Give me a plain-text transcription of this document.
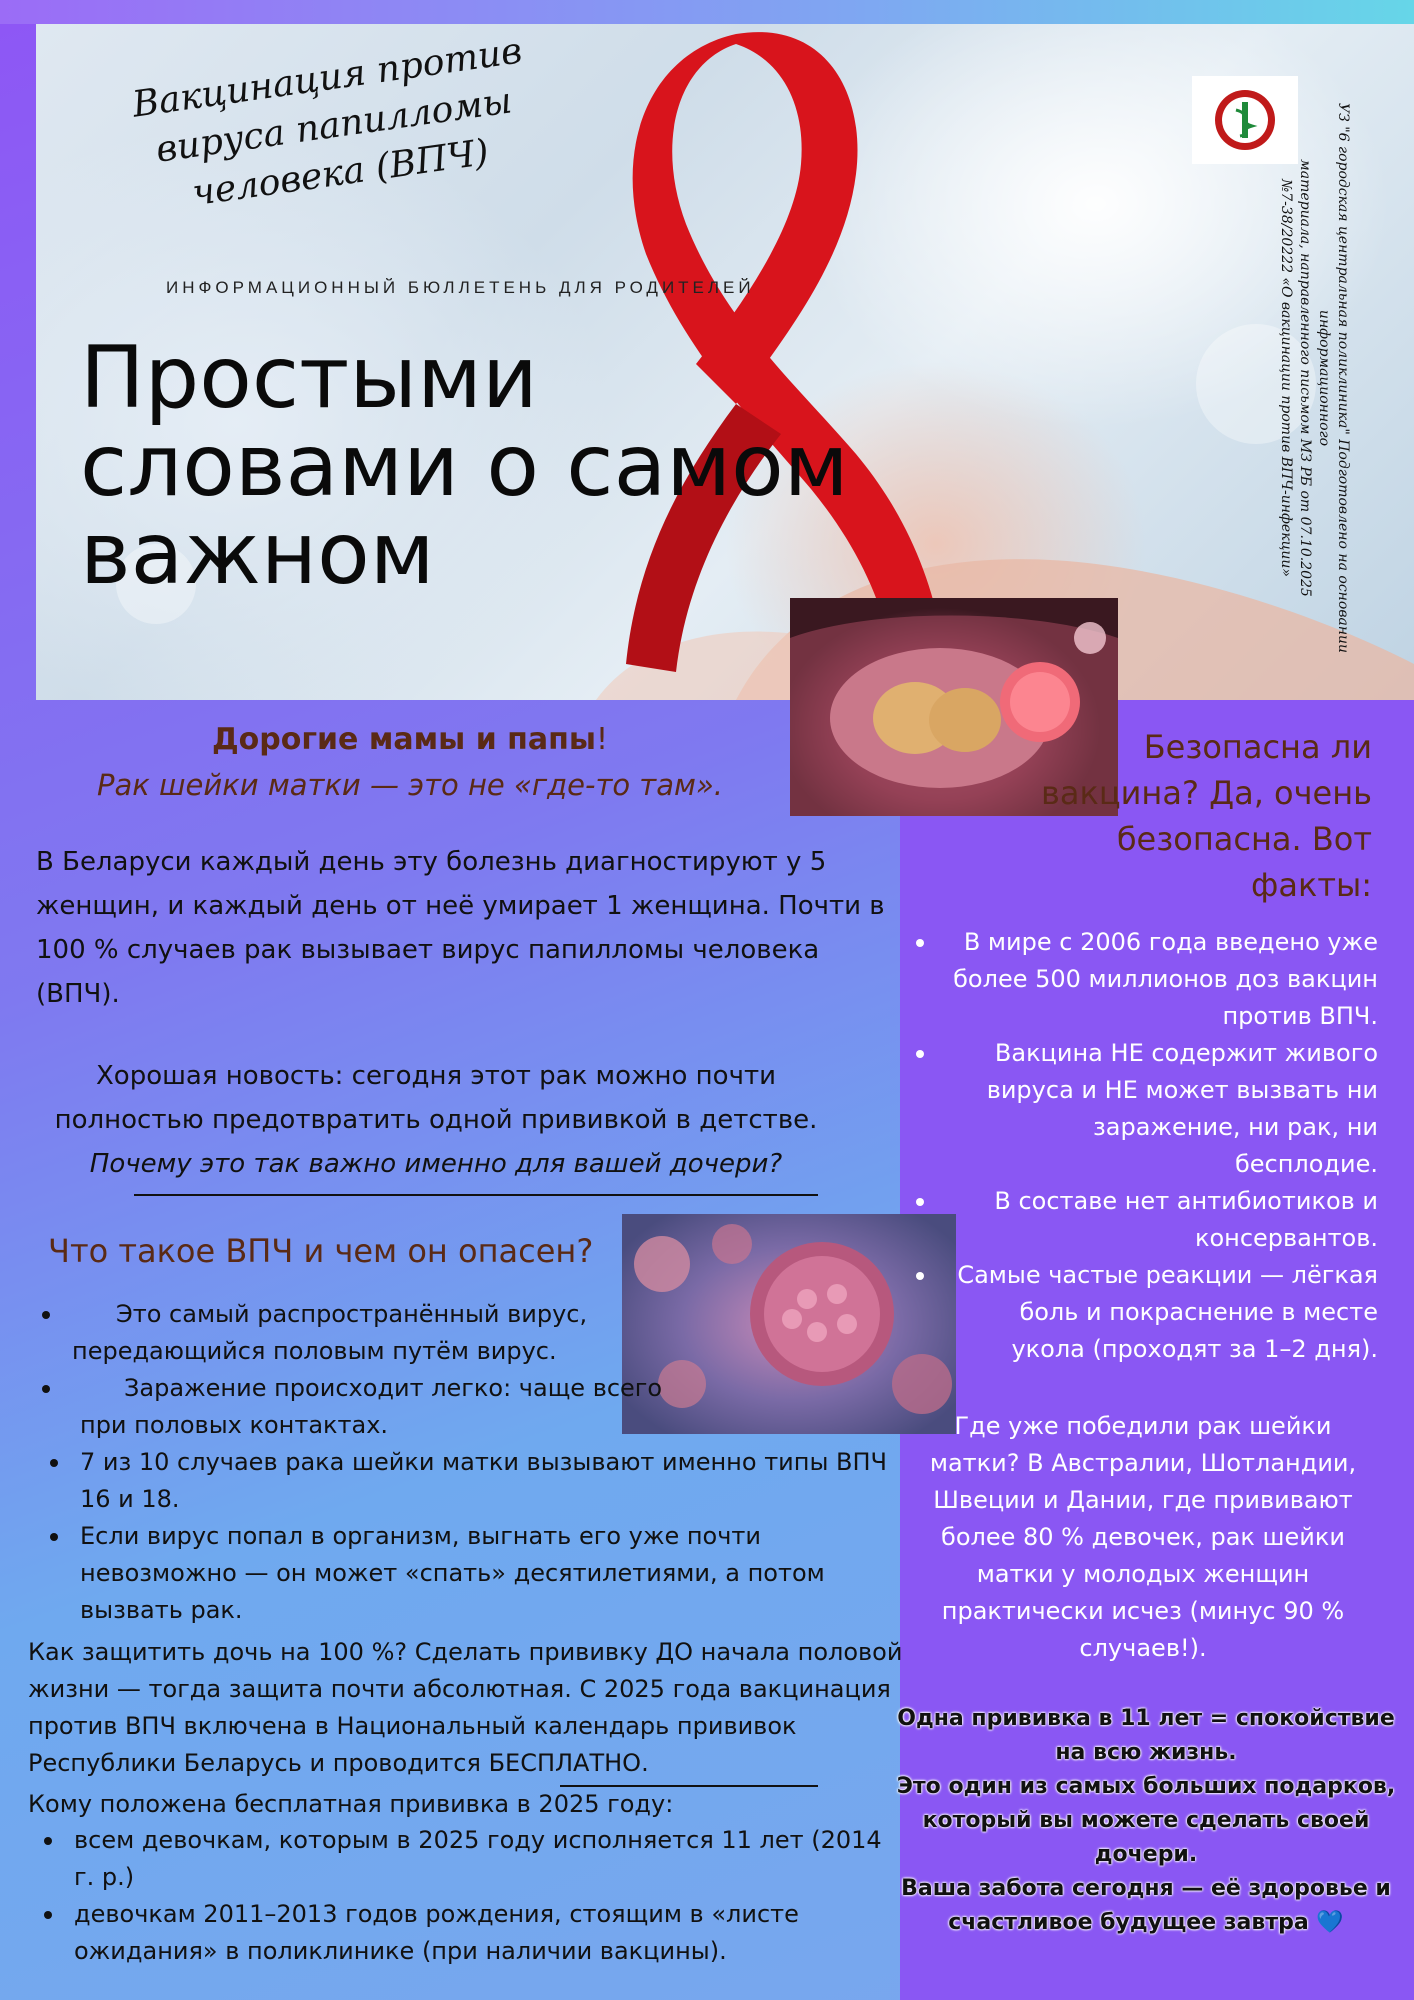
Вакцинация против вируса папилломы человека (ВПЧ)
ИНФОРМАЦИОННЫЙ БЮЛЛЕТЕНЬ ДЛЯ РОДИТЕЛЕЙ
Простыми
словами о самом
важном	УЗ "6 городская центральная поликлиника" Подготовлено на основании информационного
материала, направленного письмом МЗ РБ от 07.10.2025
№7-38/20222 «О вакцинации против ВПЧ-инфекции»

Дорогие мамы и папы!

Рак шейки матки — это не «где-то там».

В Беларуси каждый день эту болезнь диагностируют у 5 женщин, и каждый день от неё умирает 1 женщина. Почти в 100 % случаев рак вызывает вирус папилломы человека (ВПЧ).

Хорошая новость: сегодня этот рак можно почти полностью предотвратить одной прививкой в детстве.
Почему это так важно именно для вашей дочери?

Что такое ВПЧ и чем он опасен?

Это самый распространённый вирус, передающийся половым путём вирус.
Заражение происходит легко: чаще всего при половых контактах.
7 из 10 случаев рака шейки матки вызывают именно типы ВПЧ 16 и 18.
Если вирус попал в организм, выгнать его уже почти невозможно — он может «спать» десятилетиями, а потом вызвать рак.

Как защитить дочь на 100 %? Сделать прививку ДО начала половой жизни — тогда защита почти абсолютная. С 2025 года вакцинация против ВПЧ включена в Национальный календарь прививок Республики Беларусь и проводится БЕСПЛАТНО.

Кому положена бесплатная прививка в 2025 году:

всем девочкам, которым в 2025 году исполняется 11 лет (2014 г. р.)
девочкам 2011–2013 годов рождения, стоящим в «листе ожидания» в поликлинике (при наличии вакцины).

Безопасна ли вакцина? Да, очень безопасна. Вот факты:

В мире с 2006 года введено уже более 500 миллионов доз вакцин против ВПЧ.
Вакцина НЕ содержит живого вируса и НЕ может вызвать ни заражение, ни рак, ни бесплодие.
В составе нет антибиотиков и консервантов.
Самые частые реакции — лёгкая боль и покраснение в месте укола (проходят за 1–2 дня).

Где уже победили рак шейки матки? В Австралии, Шотландии, Швеции и Дании, где прививают более 80 % девочек, рак шейки матки у молодых женщин практически исчез (минус 90 % случаев!).

Одна прививка в 11 лет = спокойствие на всю жизнь.
Это один из самых больших подарков, который вы можете сделать своей дочери.
Ваша забота сегодня — её здоровье и счастливое будущее завтра 💙
